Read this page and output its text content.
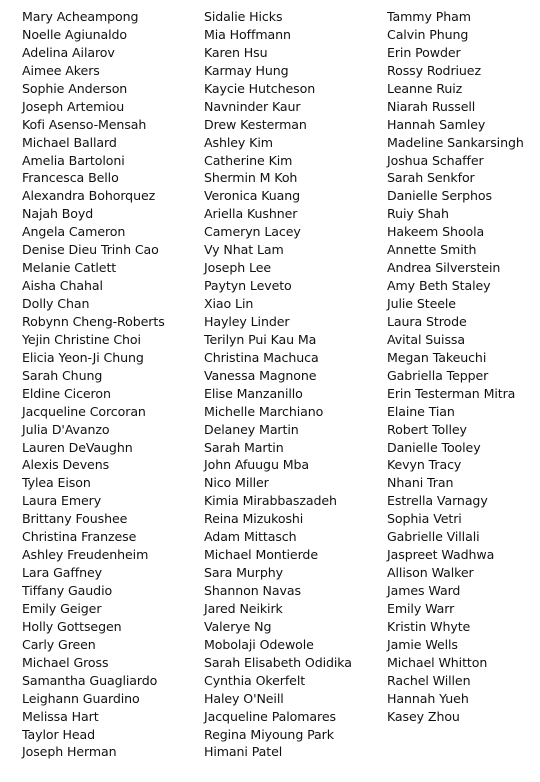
Mary Acheampong
Noelle Agiunaldo
Adelina Ailarov
Aimee Akers
Sophie Anderson
Joseph Artemiou
Kofi Asenso-Mensah
Michael Ballard
Amelia Bartoloni
Francesca Bello
Alexandra Bohorquez
Najah Boyd
Angela Cameron
Denise Dieu Trinh Cao
Melanie Catlett
Aisha Chahal
Dolly Chan
Robynn Cheng-Roberts
Yejin Christine Choi
Elicia Yeon-Ji Chung
Sarah Chung
Eldine Ciceron
Jacqueline Corcoran
Julia D'Avanzo
Lauren DeVaughn
Alexis Devens
Tylea Eison
Laura Emery
Brittany Foushee
Christina Franzese
Ashley Freudenheim
Lara Gaffney
Tiffany Gaudio
Emily Geiger
Holly Gottsegen
Carly Green
Michael Gross
Samantha Guagliardo
Leighann Guardino
Melissa Hart
Taylor Head
Joseph Herman
Sidalie Hicks
Mia Hoffmann
Karen Hsu
Karmay Hung
Kaycie Hutcheson
Navninder Kaur
Drew Kesterman
Ashley Kim
Catherine Kim
Shermin M Koh
Veronica Kuang
Ariella Kushner
Cameryn Lacey
Vy Nhat Lam
Joseph Lee
Paytyn Leveto
Xiao Lin
Hayley Linder
Terilyn Pui Kau Ma
Christina Machuca
Vanessa Magnone
Elise Manzanillo
Michelle Marchiano
Delaney Martin
Sarah Martin
John Afuugu Mba
Nico Miller
Kimia Mirabbaszadeh
Reina Mizukoshi
Adam Mittasch
Michael Montierde
Sara Murphy
Shannon Navas
Jared Neikirk
Valerye Ng
Mobolaji Odewole
Sarah Elisabeth Odidika
Cynthia Okerfelt
Haley O'Neill
Jacqueline Palomares
Regina Miyoung Park
Himani Patel
Tammy Pham
Calvin Phung
Erin Powder
Rossy Rodriuez
Leanne Ruiz
Niarah Russell
Hannah Samley
Madeline Sankarsingh
Joshua Schaffer
Sarah Senkfor
Danielle Serphos
Ruiy Shah
Hakeem Shoola
Annette Smith
Andrea Silverstein
Amy Beth Staley
Julie Steele
Laura Strode
Avital Suissa
Megan Takeuchi
Gabriella Tepper
Erin Testerman Mitra
Elaine Tian
Robert Tolley
Danielle Tooley
Kevyn Tracy
Nhani Tran
Estrella Varnagy
Sophia Vetri
Gabrielle Villali
Jaspreet Wadhwa
Allison Walker
James Ward
Emily Warr
Kristin Whyte
Jamie Wells
Michael Whitton
Rachel Willen
Hannah Yueh
Kasey Zhou
